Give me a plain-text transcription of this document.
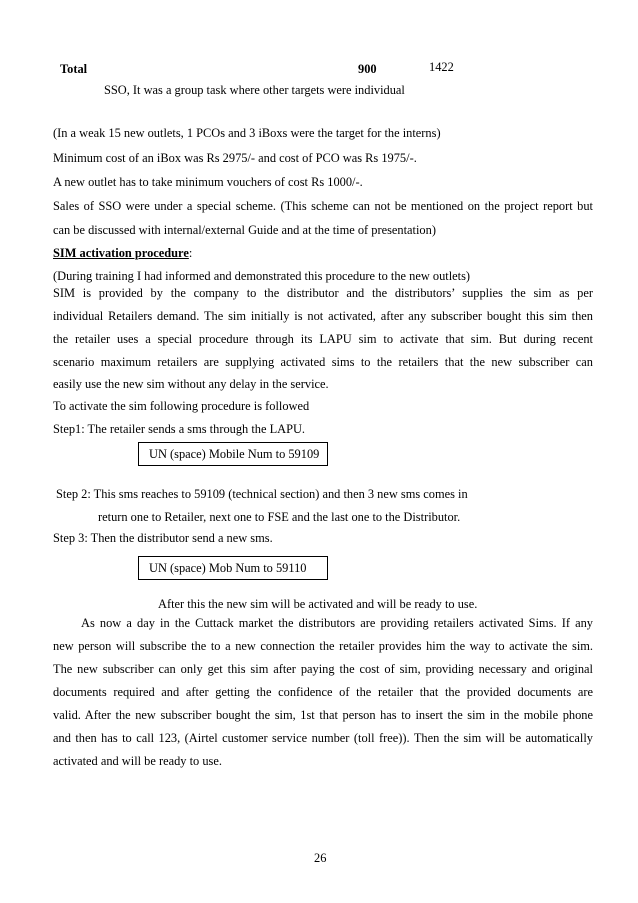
Total	900	1422
SSO, It was a group task where other targets were individual
(In a weak 15 new outlets, 1 PCOs and 3 iBoxs were the target for the interns)
Minimum cost of an iBox was Rs 2975/- and cost of PCO was Rs 1975/-.
A new outlet has to take minimum vouchers of cost Rs 1000/-.
Sales of SSO were under a special scheme. (This scheme can not be mentioned on the project report but
can be discussed with internal/external Guide and at the time of presentation)
SIM activation procedure:
(During training I had informed and demonstrated this procedure to the new outlets)
SIM is provided by the company to the distributor and the distributors’ supplies the sim as per
individual Retailers demand. The sim initially is not activated, after any subscriber bought this sim then
the retailer uses a special procedure through its LAPU sim to activate that sim. But during recent
scenario maximum retailers are supplying activated sims to the retailers that the new subscriber can
easily use the new sim without any delay in the service.
To activate the sim following procedure is followed
Step1: The retailer sends a sms through the LAPU.
UN (space) Mobile Num to 59109
Step 2: This sms reaches to 59109 (technical section) and then 3 new sms comes in
return one to Retailer, next one to FSE and the last one to the Distributor.
Step 3: Then the distributor send a new sms.
UN (space) Mob Num to 59110
After this the new sim will be activated and will be ready to use.
As now a day in the Cuttack market the distributors are providing retailers activated Sims. If any
new person will subscribe the to a new connection the retailer provides him the way to activate the sim.
The new subscriber can only get this sim after paying the cost of sim, providing necessary and original
documents required and after getting the confidence of the retailer that the provided documents are
valid. After the new subscriber bought the sim, 1st that person has to insert the sim in the mobile phone
and then has to call 123, (Airtel customer service number (toll free)). Then the sim will be automatically
activated and will be ready to use.
26
